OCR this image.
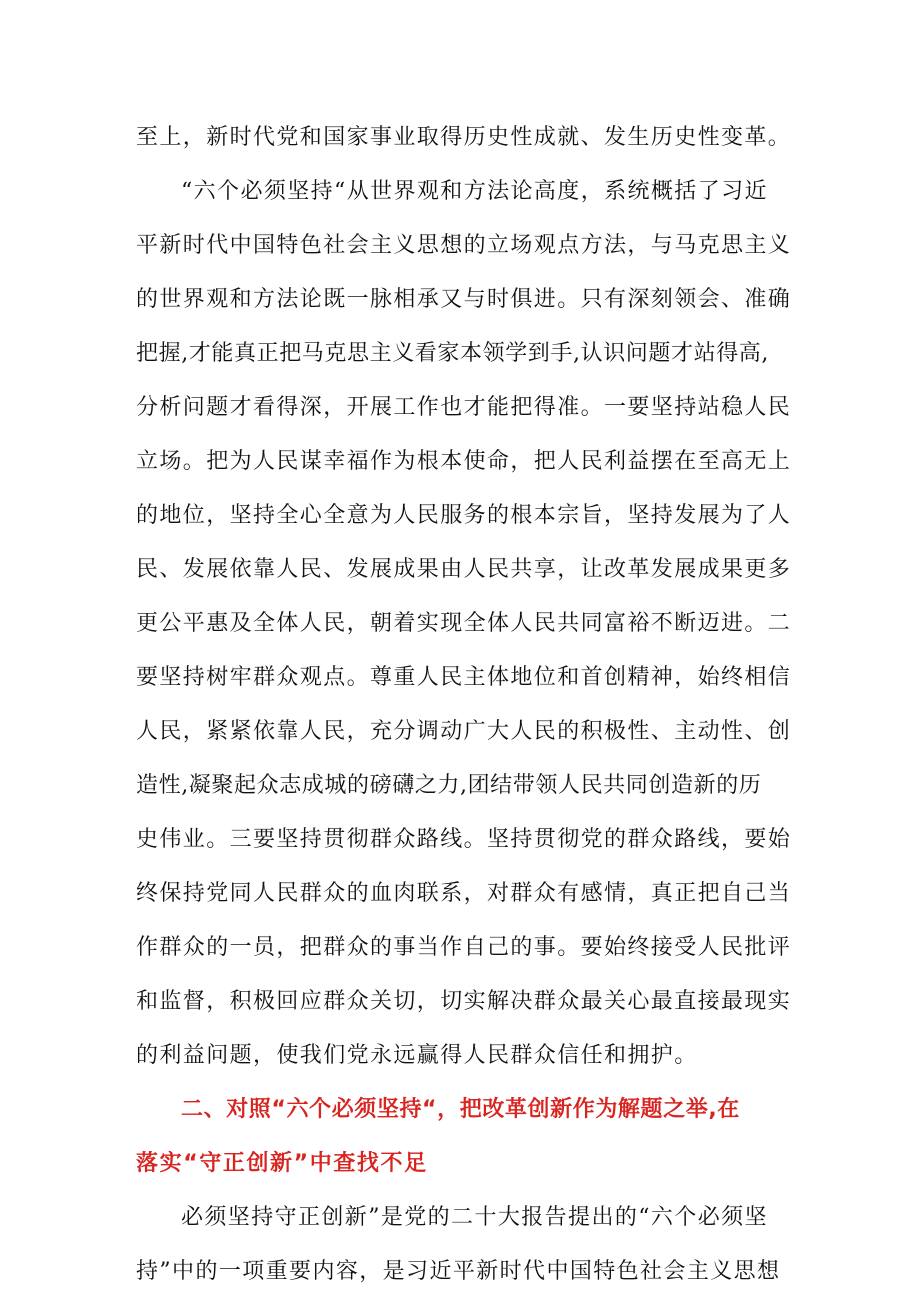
至上，新时代党和国家事业取得历史性成就、发生历史性变革。
“六个必须坚持“从世界观和方法论高度，系统概括了习近
平新时代中国特色社会主义思想的立场观点方法，与马克思主义
的世界观和方法论既一脉相承又与时俱进。只有深刻领会、准确
把握,才能真正把马克思主义看家本领学到手,认识问题才站得高,
分析问题才看得深，开展工作也才能把得准。一要坚持站稳人民
立场。把为人民谋幸福作为根本使命，把人民利益摆在至高无上
的地位，坚持全心全意为人民服务的根本宗旨，坚持发展为了人
民、发展依靠人民、发展成果由人民共享，让改革发展成果更多
更公平惠及全体人民，朝着实现全体人民共同富裕不断迈进。二
要坚持树牢群众观点。尊重人民主体地位和首创精神，始终相信
人民，紧紧依靠人民，充分调动广大人民的积极性、主动性、创
造性,凝聚起众志成城的磅礴之力,团结带领人民共同创造新的历
史伟业。三要坚持贯彻群众路线。坚持贯彻党的群众路线，要始
终保持党同人民群众的血肉联系，对群众有感情，真正把自己当
作群众的一员，把群众的事当作自己的事。要始终接受人民批评
和监督，积极回应群众关切，切实解决群众最关心最直接最现实
的利益问题，使我们党永远赢得人民群众信任和拥护。
二、对照“六个必须坚持“，把改革创新作为解题之举,在
落实“守正创新”中查找不足
必须坚持守正创新”是党的二十大报告提出的“六个必须坚
持”中的一项重要内容，是习近平新时代中国特色社会主义思想
